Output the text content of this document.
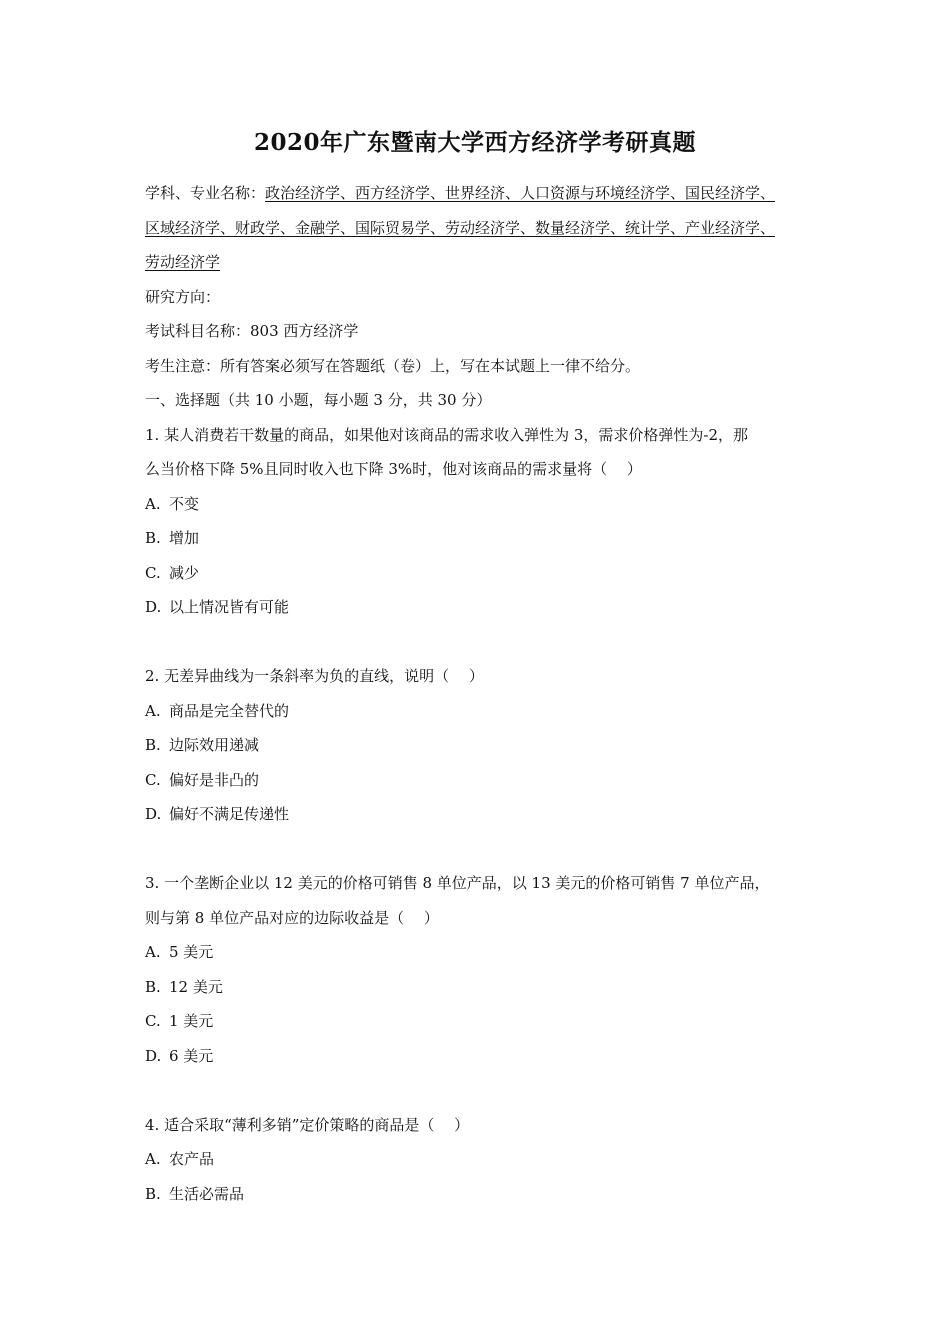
2020年广东暨南大学西方经济学考研真题
学科、专业名称：政治经济学、西方经济学、世界经济、人口资源与环境经济学、国民经济学、
区域经济学、财政学、金融学、国际贸易学、劳动经济学、数量经济学、统计学、产业经济学、
劳动经济学
研究方向：
考试科目名称：803 西方经济学
考生注意：所有答案必须写在答题纸（卷）上，写在本试题上一律不给分。
一、选择题（共 10 小题，每小题 3 分，共 30 分）
1. 某人消费若干数量的商品，如果他对该商品的需求收入弹性为 3，需求价格弹性为-2，那
么当价格下降 5%且同时收入也下降 3%时，他对该商品的需求量将（　 ）
A. 不变
B. 增加
C. 减少
D. 以上情况皆有可能
2. 无差异曲线为一条斜率为负的直线，说明（　 ）
A. 商品是完全替代的
B. 边际效用递减
C. 偏好是非凸的
D. 偏好不满足传递性
3. 一个垄断企业以 12 美元的价格可销售 8 单位产品，以 13 美元的价格可销售 7 单位产品，
则与第 8 单位产品对应的边际收益是（　 ）
A. 5 美元
B. 12 美元
C. 1 美元
D. 6 美元
4. 适合采取“薄利多销”定价策略的商品是（　 ）
A. 农产品
B. 生活必需品
